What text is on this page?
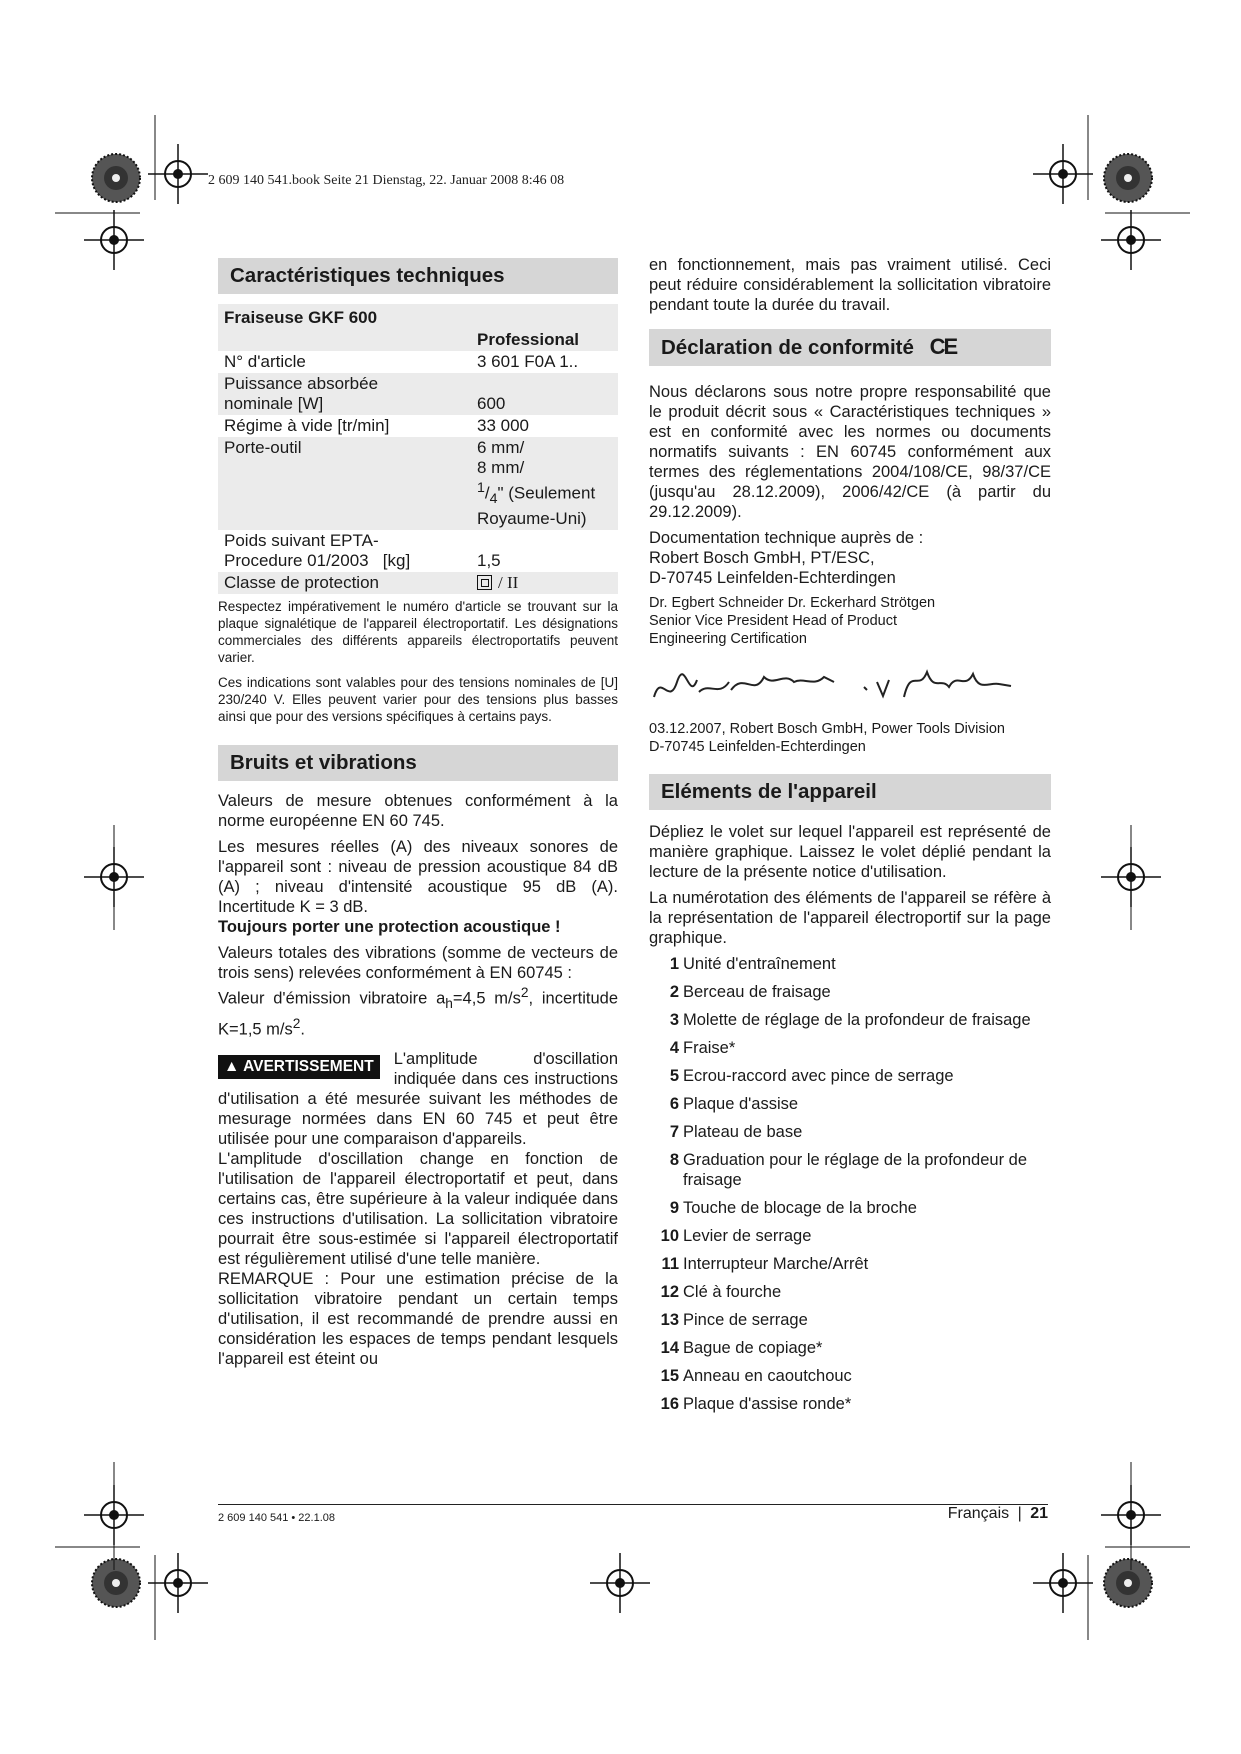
2 609 140 541.book Seite 21 Dienstag, 22. Januar 2008 8:46 08
Caractéristiques techniques
Fraiseuse GKF 600	
	Professional
N° d'article	3 601 F0A 1..
Puissance absorbée
nominale [W]	600
Régime à vide [tr/min]	33 000
Porte-outil	6 mm/
8 mm/
$^1/_4$" (Seulement
Royaume-Uni)
Poids suivant EPTA-
Procedure 01/2003 [kg]	1,5
Classe de protection	/ II

Respectez impérativement le numéro d'article se trouvant sur la plaque signalétique de l'appareil électroportatif. Les désignations commerciales des différents appareils électroportatifs peuvent varier.

Ces indications sont valables pour des tensions nominales de [U] 230/240 V. Elles peuvent varier pour des tensions plus basses ainsi que pour des versions spécifiques à certains pays.

Bruits et vibrations

Valeurs de mesure obtenues conformément à la norme européenne EN 60 745.

Les mesures réelles (A) des niveaux sonores de l'appareil sont : niveau de pression acoustique 84 dB (A) ; niveau d'intensité acoustique 95 dB (A). Incertitude K = 3 dB.

Toujours porter une protection acoustique !

Valeurs totales des vibrations (somme de vecteurs de trois sens) relevées conformément à EN 60745 :

Valeur d'émission vibratoire $a_h=4,5$ $m/s^2$, incertitude K=1,5 $m/s^2$.

▲ AVERTISSEMENT	L'amplitude d'oscillation indiquée dans ces instructions d'utilisation a été mesurée suivant les méthodes de mesurage normées dans EN 60 745 et peut être utilisée pour une comparaison d'appareils.

L'amplitude d'oscillation change en fonction de l'utilisation de l'appareil électroportatif et peut, dans certains cas, être supérieure à la valeur indiquée dans ces instructions d'utilisation. La sollicitation vibratoire pourrait être sous-estimée si l'appareil électroportatif est régulièrement utilisé d'une telle manière.

REMARQUE : Pour une estimation précise de la sollicitation vibratoire pendant un certain temps d'utilisation, il est recommandé de prendre aussi en considération les espaces de temps pendant lesquels l'appareil est éteint ou

en fonctionnement, mais pas vraiment utilisé. Ceci peut réduire considérablement la sollicitation vibratoire pendant toute la durée du travail.

Déclaration de conformité CE

Nous déclarons sous notre propre responsabilité que le produit décrit sous « Caractéristiques techniques » est en conformité avec les normes ou documents normatifs suivants : EN 60745 conformément aux termes des réglementations 2004/108/CE, 98/37/CE (jusqu'au 28.12.2009), 2006/42/CE (à partir du 29.12.2009).

Documentation technique auprès de :
Robert Bosch GmbH, PT/ESC,
D-70745 Leinfelden-Echterdingen
Dr. Egbert Schneider Dr. Eckerhard Strötgen
Senior Vice President Head of Product
Engineering Certification
03.12.2007, Robert Bosch GmbH, Power Tools Division
D-70745 Leinfelden-Echterdingen
Eléments de l'appareil

Dépliez le volet sur lequel l'appareil est représenté de manière graphique. Laissez le volet déplié pendant la lecture de la présente notice d'utilisation.

La numérotation des éléments de l'appareil se réfère à la représentation de l'appareil électroportif sur la page graphique.

1 Unité d'entraînement
2 Berceau de fraisage
3 Molette de réglage de la profondeur de fraisage
4 Fraise*
5 Ecrou-raccord avec pince de serrage
6 Plaque d'assise
7 Plateau de base
8 Graduation pour le réglage de la profondeur de fraisage
9 Touche de blocage de la broche
10 Levier de serrage
11 Interrupteur Marche/Arrêt
12 Clé à fourche
13 Pince de serrage
14 Bague de copiage*
15 Anneau en caoutchouc
16 Plaque d'assise ronde*
2 609 140 541 • 22.1.08	Français | 21
